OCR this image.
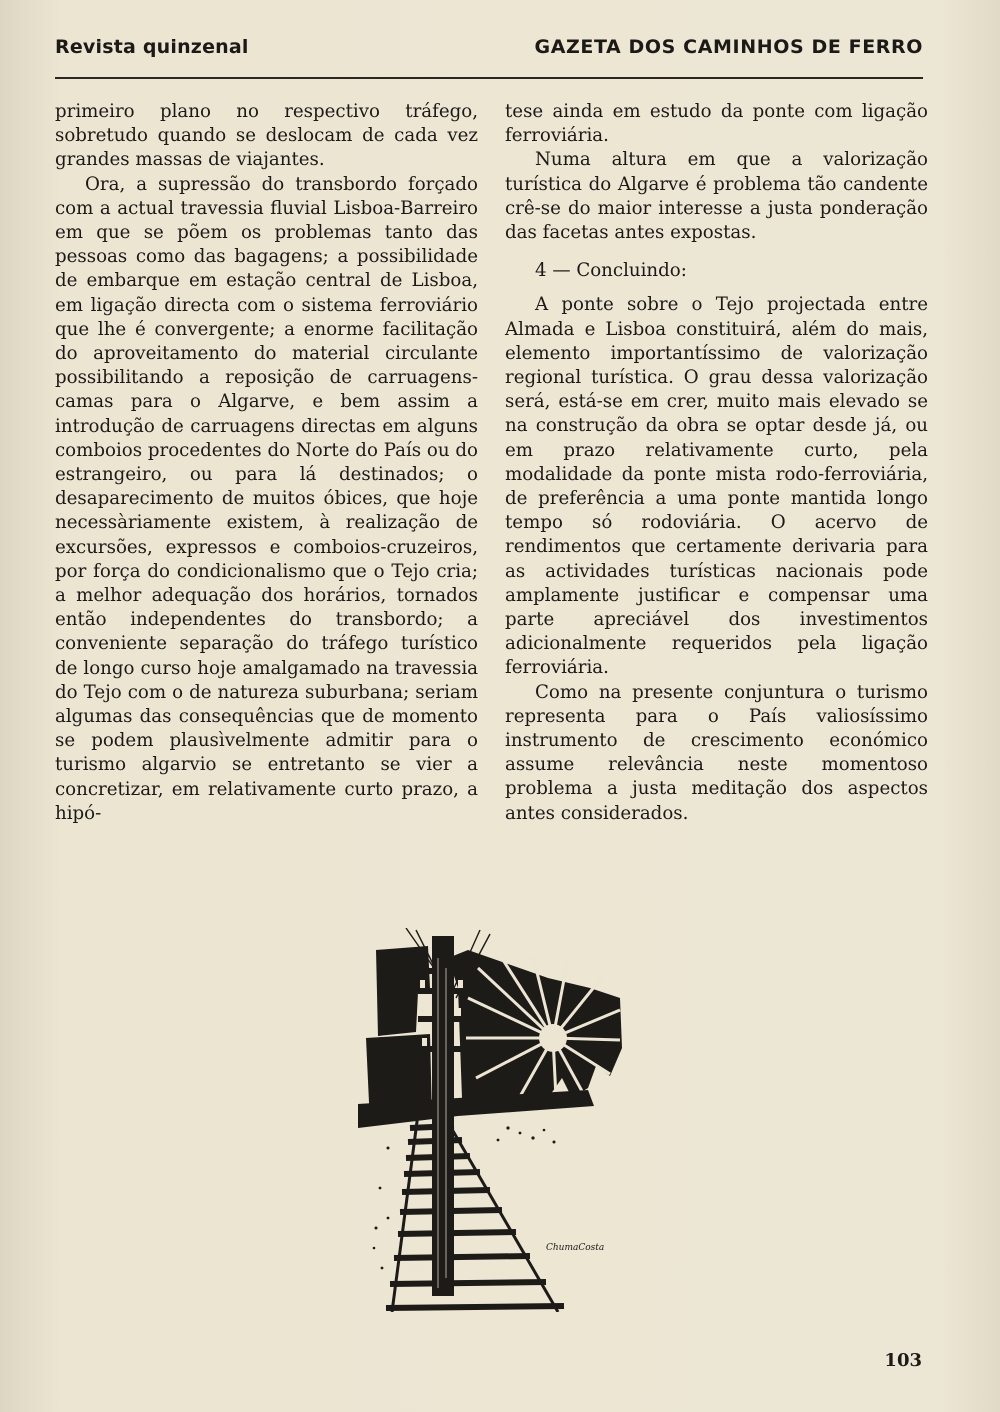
Revista quinzenal	GAZETA DOS CAMINHOS DE FERRO

primeiro plano no respectivo tráfego, sobretudo quando se deslocam de cada vez grandes massas de viajantes.

Ora, a supressão do transbordo forçado com a actual travessia fluvial Lisboa-Barreiro em que se põem os problemas tanto das pessoas como das bagagens; a possibilidade de embarque em estação central de Lisboa, em ligação directa com o sistema ferroviário que lhe é convergente; a enorme facilitação do aproveitamento do material circulante possibilitando a reposição de carruagens-camas para o Algarve, e bem assim a introdução de carruagens directas em alguns comboios procedentes do Norte do País ou do estrangeiro, ou para lá destinados; o desaparecimento de muitos óbices, que hoje necessàriamente existem, à realização de excursões, expressos e comboios-cruzeiros, por força do condicionalismo que o Tejo cria; a melhor adequação dos horários, tornados então independentes do transbordo; a conveniente separação do tráfego turístico de longo curso hoje amalgamado na travessia do Tejo com o de natureza suburbana; seriam algumas das consequências que de momento se podem plausìvelmente admitir para o turismo algarvio se entretanto se vier a concretizar, em relativamente curto prazo, a hipó-

tese ainda em estudo da ponte com ligação ferroviária.

Numa altura em que a valorização turística do Algarve é problema tão candente crê-se do maior interesse a justa ponderação das facetas antes expostas.

4 — Concluindo:

A ponte sobre o Tejo projectada entre Almada e Lisboa constituirá, além do mais, elemento importantíssimo de valorização regional turística. O grau dessa valorização será, está-se em crer, muito mais elevado se na construção da obra se optar desde já, ou em prazo relativamente curto, pela modalidade da ponte mista rodo-ferroviária, de preferência a uma ponte mantida longo tempo só rodoviária. O acervo de rendimentos que certamente derivaria para as actividades turísticas nacionais pode amplamente justificar e compensar uma parte apreciável dos investimentos adicionalmente requeridos pela ligação ferroviária.

Como na presente conjuntura o turismo representa para o País valiosíssimo instrumento de crescimento económico assume relevância neste momentoso problema a justa meditação dos aspectos antes considerados.

ChumaCosta
103
